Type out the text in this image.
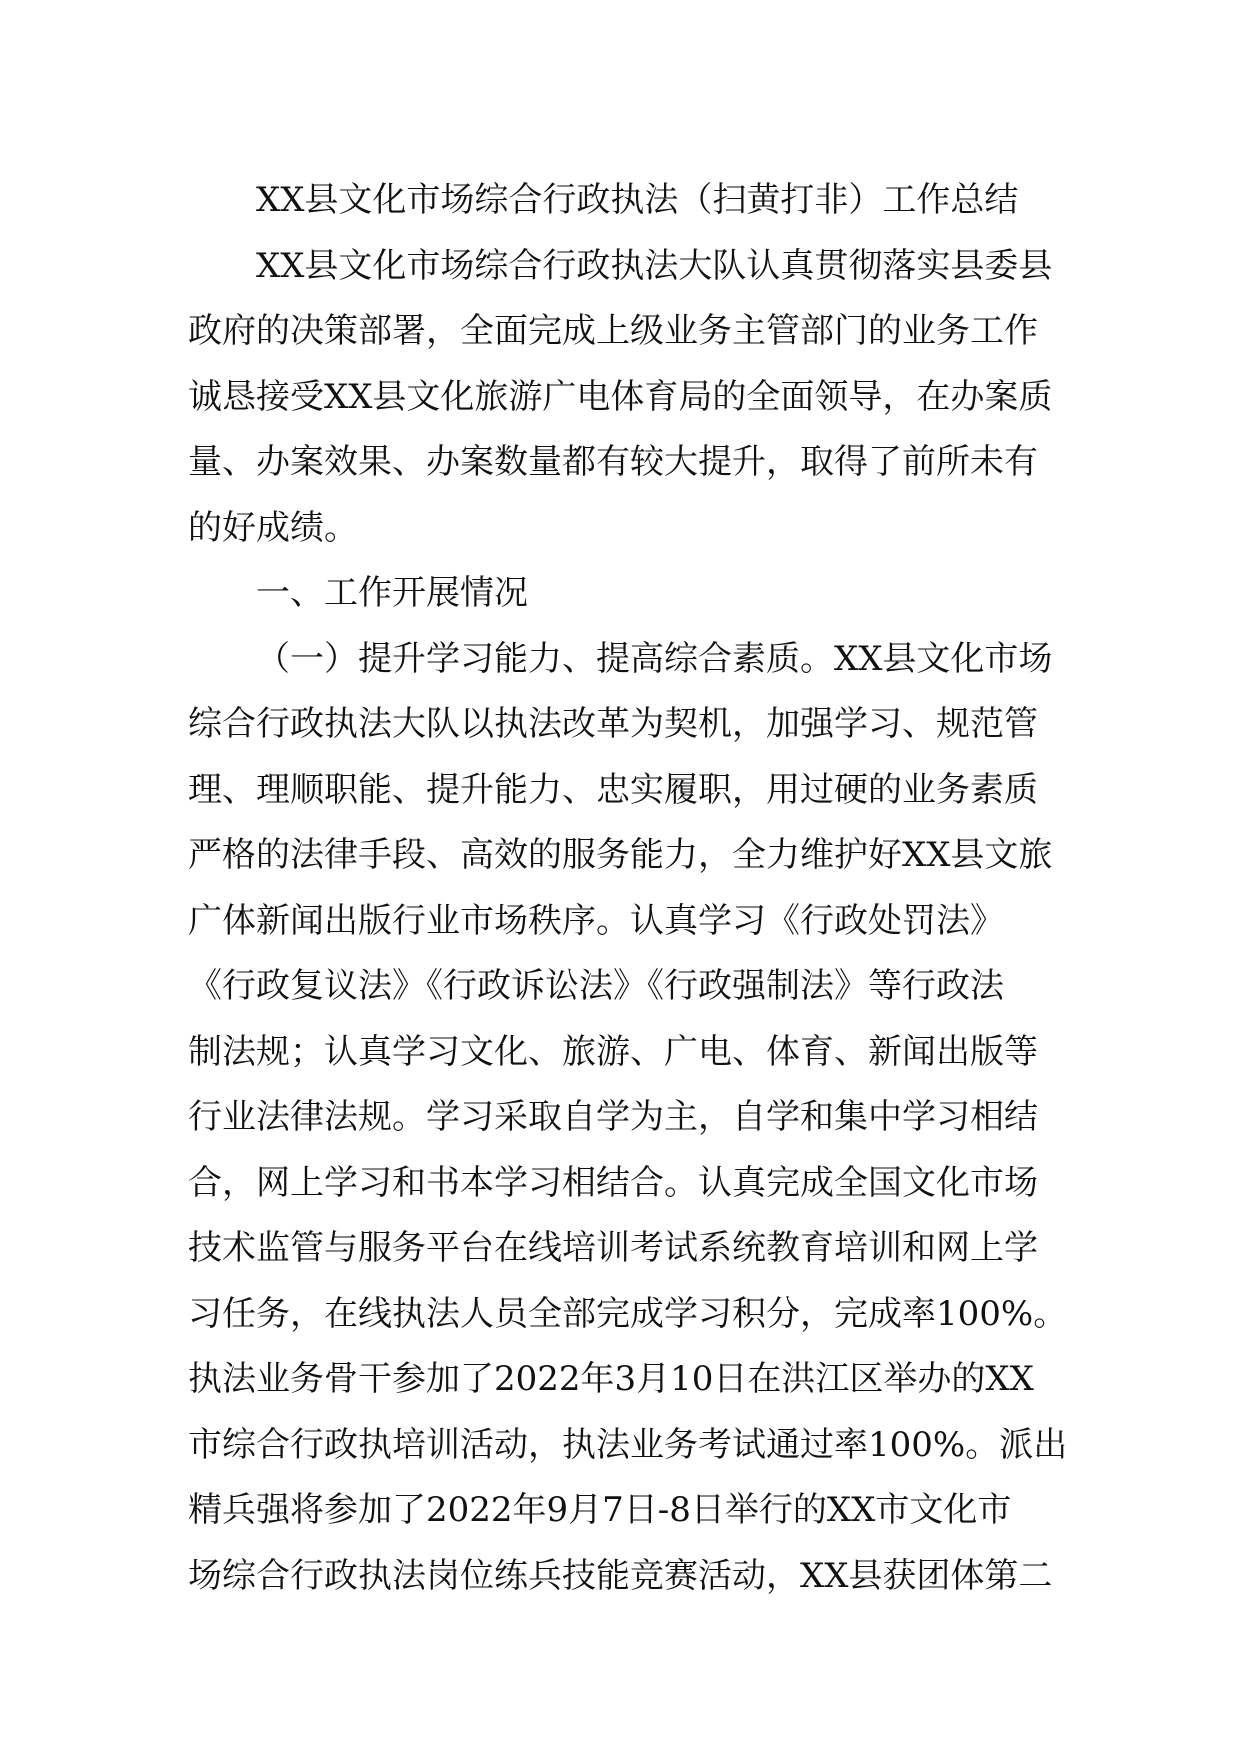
XX县文化市场综合行政执法（扫黄打非）工作总结
XX县文化市场综合行政执法大队认真贯彻落实县委县
政府的决策部署，全面完成上级业务主管部门的业务工作
诚恳接受XX县文化旅游广电体育局的全面领导，在办案质
量、办案效果、办案数量都有较大提升，取得了前所未有
的好成绩。
一、工作开展情况
（一）提升学习能力、提高综合素质。XX县文化市场
综合行政执法大队以执法改革为契机，加强学习、规范管
理、理顺职能、提升能力、忠实履职，用过硬的业务素质
严格的法律手段、高效的服务能力，全力维护好XX县文旅
广体新闻出版行业市场秩序。认真学习《行政处罚法》
《行政复议法》《行政诉讼法》《行政强制法》等行政法
制法规；认真学习文化、旅游、广电、体育、新闻出版等
行业法律法规。学习采取自学为主，自学和集中学习相结
合，网上学习和书本学习相结合。认真完成全国文化市场
技术监管与服务平台在线培训考试系统教育培训和网上学
习任务，在线执法人员全部完成学习积分，完成率100%。
执法业务骨干参加了2022年3月10日在洪江区举办的XX
市综合行政执培训活动，执法业务考试通过率100%。派出
精兵强将参加了2022年9月7日-8日举行的XX市文化市
场综合行政执法岗位练兵技能竞赛活动，XX县获团体第二
